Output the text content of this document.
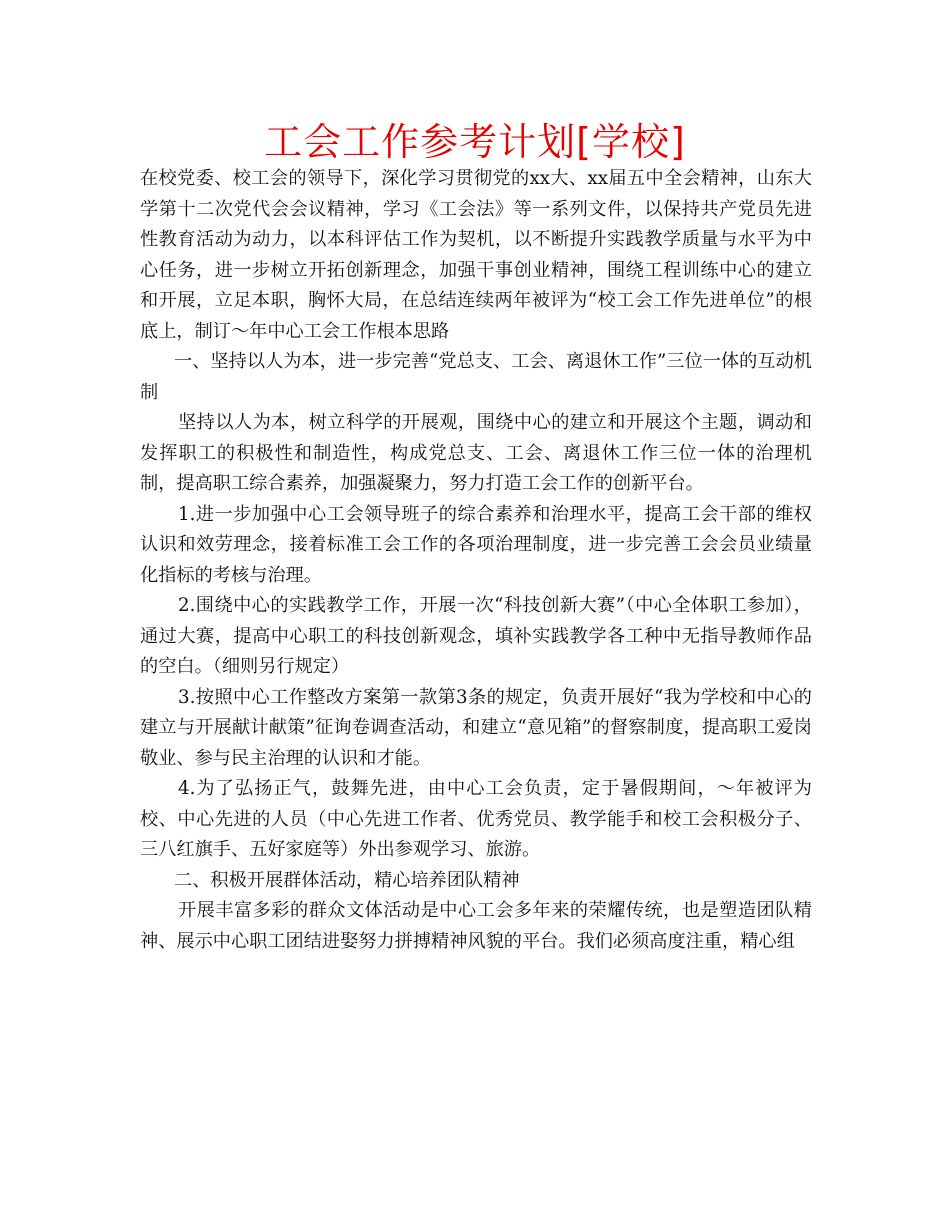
工会工作参考计划[学校]

在校党委、校工会的领导下，深化学习贯彻党的xx大、xx届五中全会精神，山东大学第十二次党代会会议精神，学习《工会法》等一系列文件，以保持共产党员先进性教育活动为动力，以本科评估工作为契机，以不断提升实践教学质量与水平为中心任务，进一步树立开拓创新理念，加强干事创业精神，围绕工程训练中心的建立和开展，立足本职，胸怀大局，在总结连续两年被评为“校工会工作先进单位”的根底上，制订～年中心工会工作根本思路

一、坚持以人为本，进一步完善“党总支、工会、离退休工作”三位一体的互动机制

坚持以人为本，树立科学的开展观，围绕中心的建立和开展这个主题，调动和发挥职工的积极性和制造性，构成党总支、工会、离退休工作三位一体的治理机制，提高职工综合素养，加强凝聚力，努力打造工会工作的创新平台。

1.进一步加强中心工会领导班子的综合素养和治理水平，提高工会干部的维权认识和效劳理念，接着标准工会工作的各项治理制度，进一步完善工会会员业绩量化指标的考核与治理。

2.围绕中心的实践教学工作，开展一次“科技创新大赛”（中心全体职工参加），通过大赛，提高中心职工的科技创新观念，填补实践教学各工种中无指导教师作品的空白。（细则另行规定）

3.按照中心工作整改方案第一款第3条的规定，负责开展好“我为学校和中心的建立与开展献计献策”征询卷调查活动，和建立“意见箱”的督察制度，提高职工爱岗敬业、参与民主治理的认识和才能。

4.为了弘扬正气，鼓舞先进，由中心工会负责，定于暑假期间，～年被评为校、中心先进的人员（中心先进工作者、优秀党员、教学能手和校工会积极分子、三八红旗手、五好家庭等）外出参观学习、旅游。

二、积极开展群体活动，精心培养团队精神

开展丰富多彩的群众文体活动是中心工会多年来的荣耀传统，也是塑造团队精神、展示中心职工团结进娶努力拼搏精神风貌的平台。我们必须高度注重，精心组
